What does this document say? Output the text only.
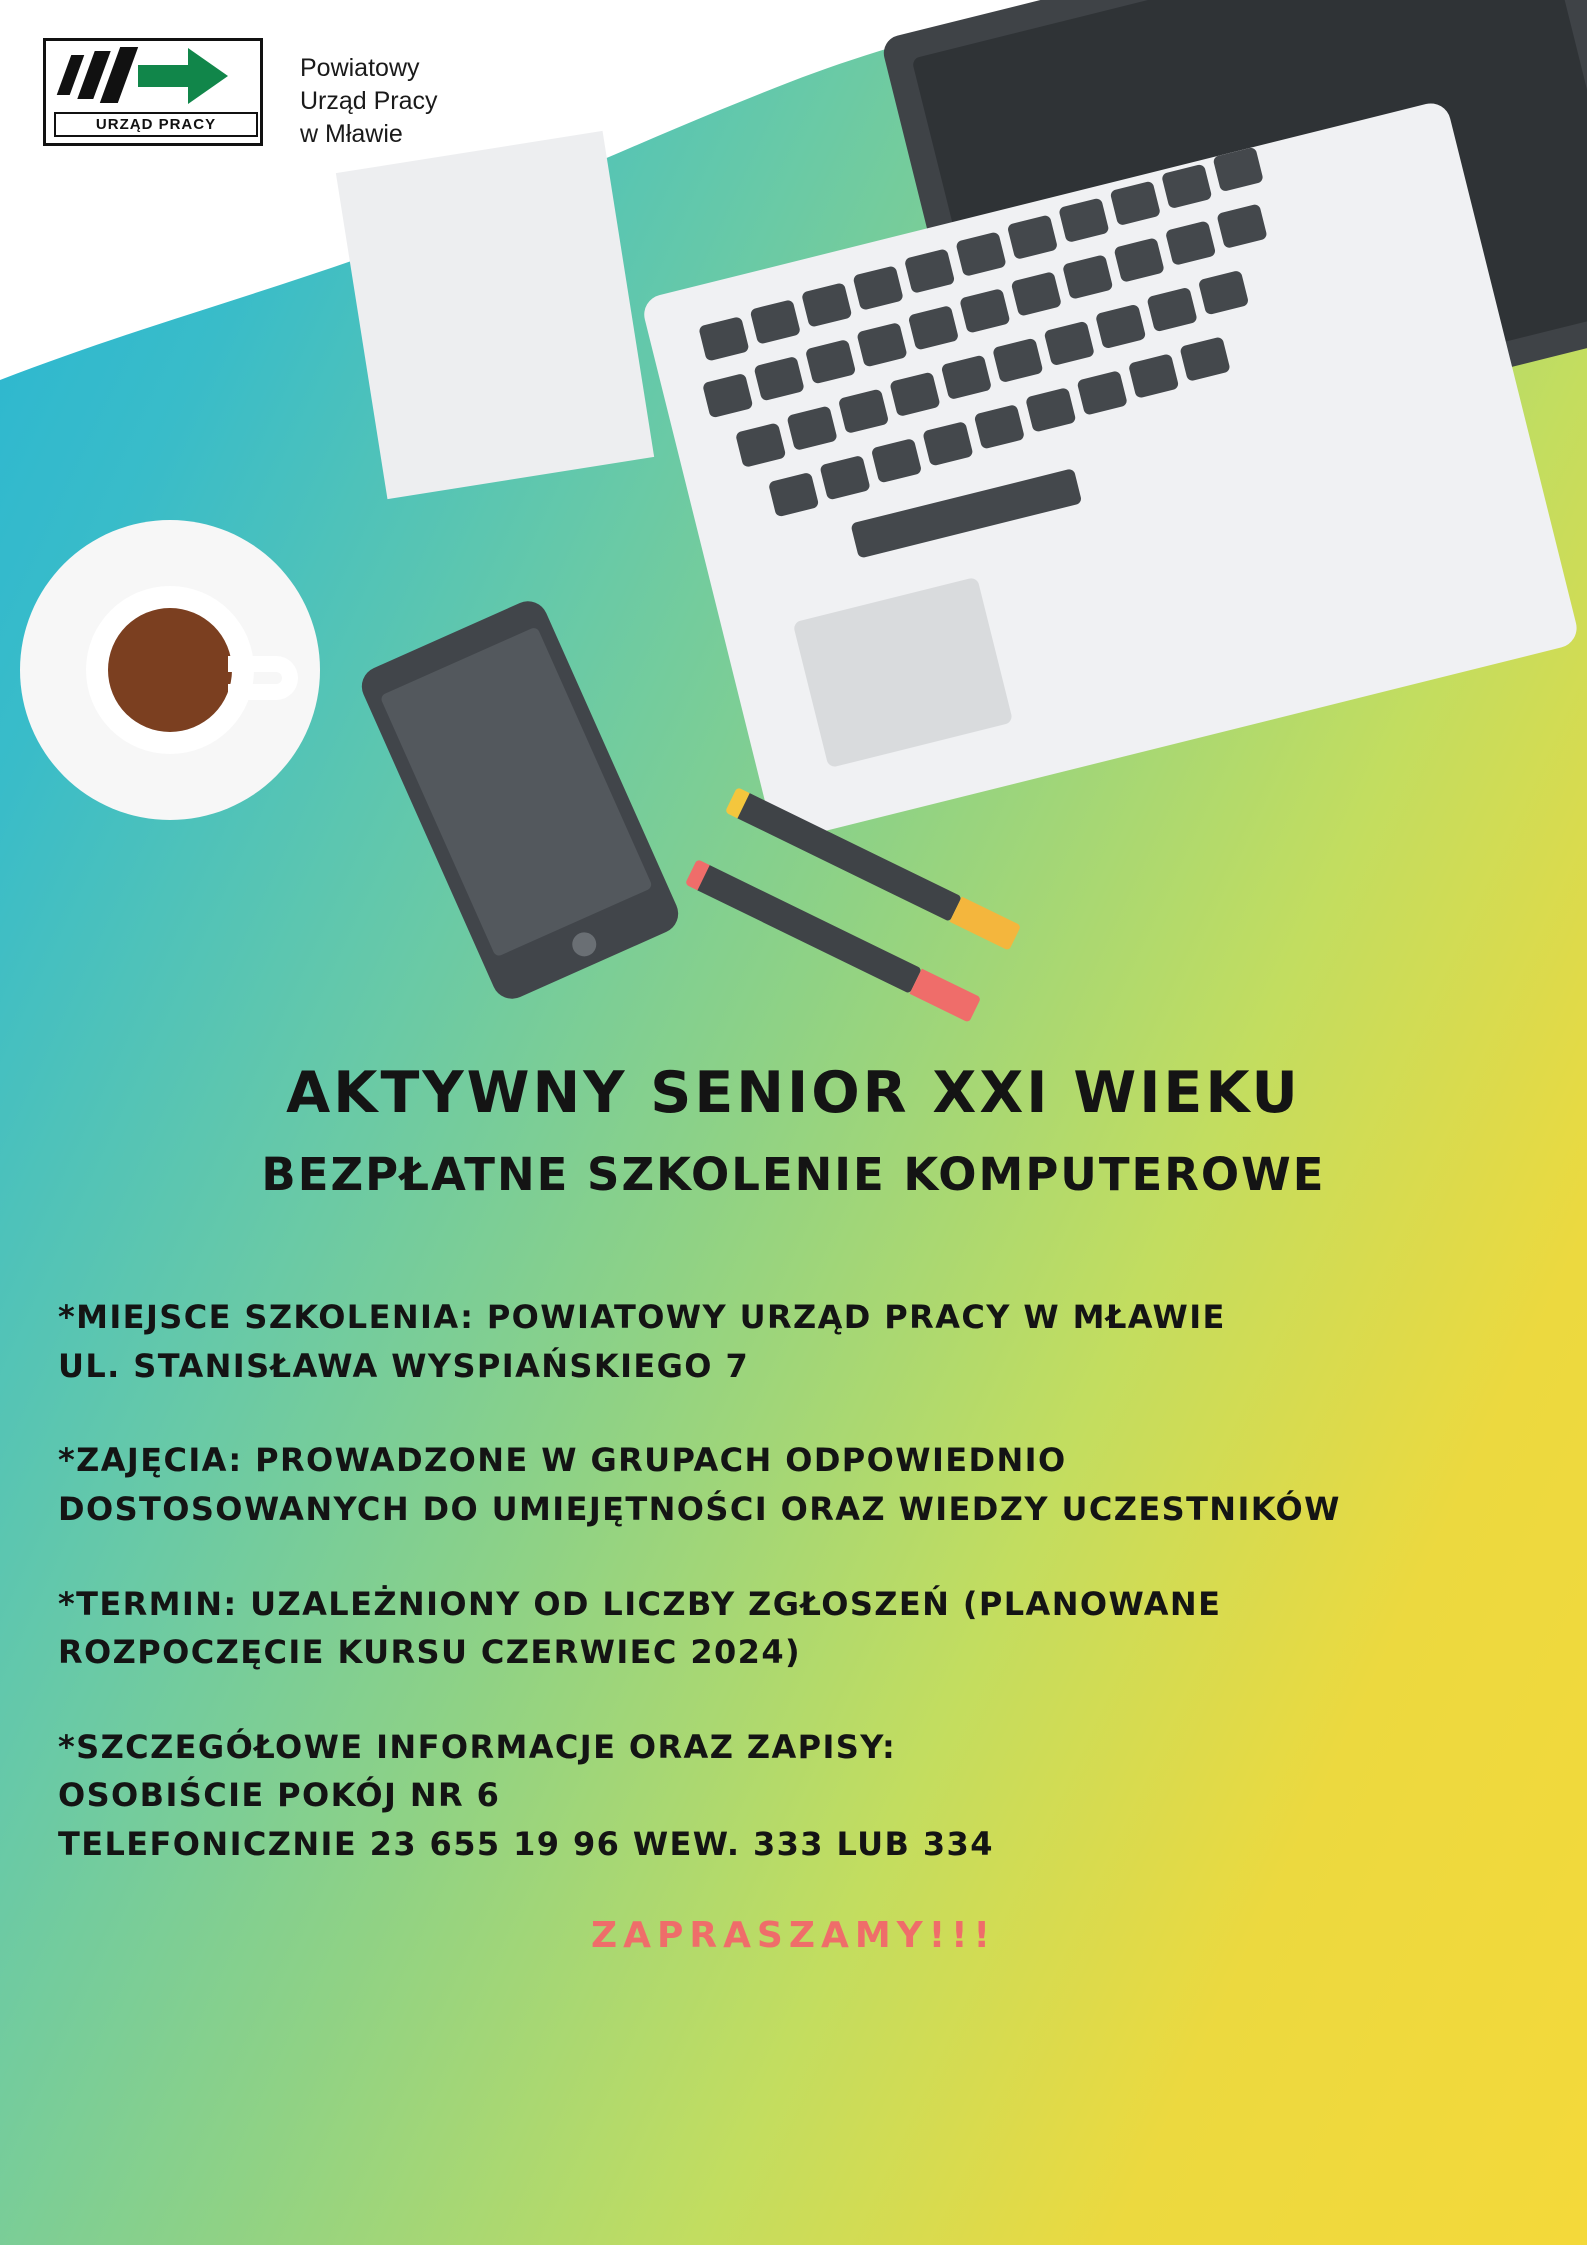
URZĄD PRACY
Powiatowy
Urząd Pracy
w Mławie
AKTYWNY SENIOR XXI WIEKU
BEZPŁATNE SZKOLENIE KOMPUTEROWE
*MIEJSCE SZKOLENIA: POWIATOWY URZĄD PRACY W MŁAWIE
UL. STANISŁAWA WYSPIAŃSKIEGO 7
*ZAJĘCIA: PROWADZONE W GRUPACH ODPOWIEDNIO
DOSTOSOWANYCH DO UMIEJĘTNOŚCI ORAZ WIEDZY UCZESTNIKÓW
*TERMIN: UZALEŻNIONY OD LICZBY ZGŁOSZEŃ (PLANOWANE
ROZPOCZĘCIE KURSU CZERWIEC 2024)
*SZCZEGÓŁOWE INFORMACJE ORAZ ZAPISY:
OSOBIŚCIE POKÓJ NR 6
TELEFONICZNIE 23 655 19 96 WEW. 333 LUB 334
ZAPRASZAMY!!!
